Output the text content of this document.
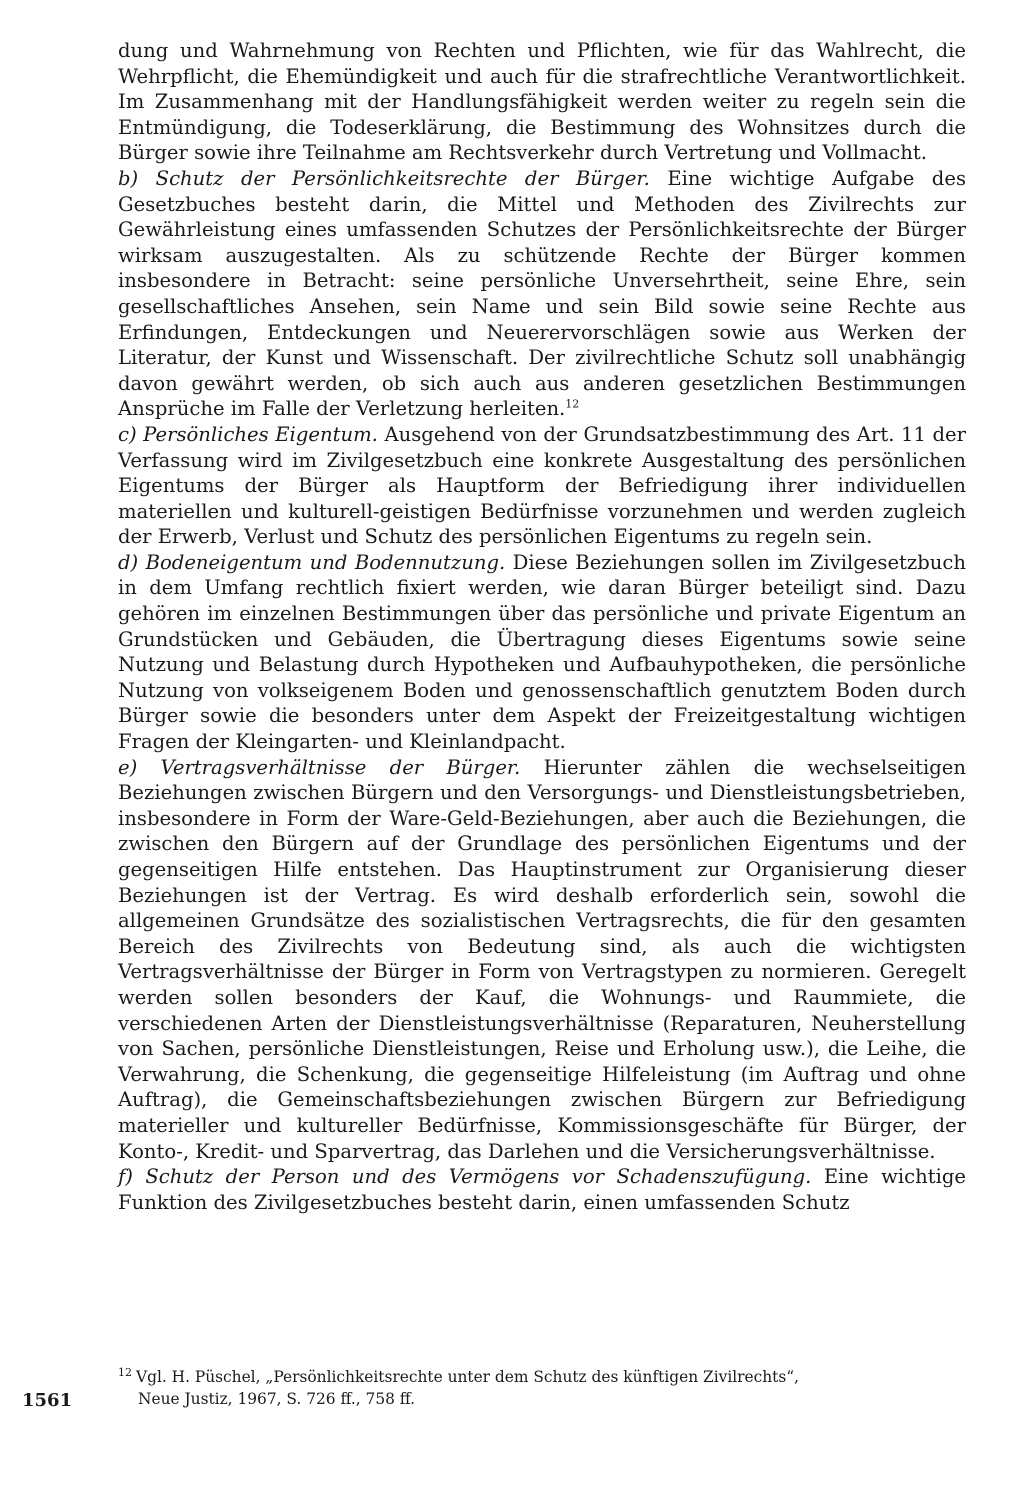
dung und Wahrnehmung von Rechten und Pflichten, wie für das Wahlrecht, die Wehrpflicht, die Ehemündigkeit und auch für die strafrechtliche Verantwortlichkeit. Im Zusammenhang mit der Handlungsfähigkeit werden weiter zu regeln sein die Entmündigung, die Todeserklärung, die Bestimmung des Wohnsitzes durch die Bürger sowie ihre Teilnahme am Rechtsverkehr durch Vertretung und Vollmacht.

b) Schutz der Persönlichkeitsrechte der Bürger. Eine wichtige Aufgabe des Gesetzbuches besteht darin, die Mittel und Methoden des Zivilrechts zur Gewährleistung eines umfassenden Schutzes der Persönlichkeitsrechte der Bürger wirksam auszugestalten. Als zu schützende Rechte der Bürger kommen insbesondere in Betracht: seine persönliche Unversehrtheit, seine Ehre, sein gesellschaftliches Ansehen, sein Name und sein Bild sowie seine Rechte aus Erfindungen, Entdeckungen und Neuerervorschlägen sowie aus Werken der Literatur, der Kunst und Wissenschaft. Der zivilrechtliche Schutz soll unabhängig davon gewährt werden, ob sich auch aus anderen gesetzlichen Bestimmungen Ansprüche im Falle der Verletzung herleiten.$^{12}$

c) Persönliches Eigentum. Ausgehend von der Grundsatzbestimmung des Art. 11 der Verfassung wird im Zivilgesetzbuch eine konkrete Ausgestaltung des persönlichen Eigentums der Bürger als Hauptform der Befriedigung ihrer individuellen materiellen und kulturell-geistigen Bedürfnisse vorzunehmen und werden zugleich der Erwerb, Verlust und Schutz des persönlichen Eigentums zu regeln sein.

d) Bodeneigentum und Bodennutzung. Diese Beziehungen sollen im Zivilgesetzbuch in dem Umfang rechtlich fixiert werden, wie daran Bürger beteiligt sind. Dazu gehören im einzelnen Bestimmungen über das persönliche und private Eigentum an Grundstücken und Gebäuden, die Übertragung dieses Eigentums sowie seine Nutzung und Belastung durch Hypotheken und Aufbauhypotheken, die persönliche Nutzung von volkseigenem Boden und genossenschaftlich genutztem Boden durch Bürger sowie die besonders unter dem Aspekt der Freizeitgestaltung wichtigen Fragen der Kleingarten- und Kleinlandpacht.

e) Vertragsverhältnisse der Bürger. Hierunter zählen die wechselseitigen Beziehungen zwischen Bürgern und den Versorgungs- und Dienstleistungsbetrieben, insbesondere in Form der Ware-Geld-Beziehungen, aber auch die Beziehungen, die zwischen den Bürgern auf der Grundlage des persönlichen Eigentums und der gegenseitigen Hilfe entstehen. Das Hauptinstrument zur Organisierung dieser Beziehungen ist der Vertrag. Es wird deshalb erforderlich sein, sowohl die allgemeinen Grundsätze des sozialistischen Vertragsrechts, die für den gesamten Bereich des Zivilrechts von Bedeutung sind, als auch die wichtigsten Vertragsverhältnisse der Bürger in Form von Vertragstypen zu normieren. Geregelt werden sollen besonders der Kauf, die Wohnungs- und Raummiete, die verschiedenen Arten der Dienstleistungsverhältnisse (Reparaturen, Neuherstellung von Sachen, persönliche Dienstleistungen, Reise und Erholung usw.), die Leihe, die Verwahrung, die Schenkung, die gegenseitige Hilfeleistung (im Auftrag und ohne Auftrag), die Gemeinschaftsbeziehungen zwischen Bürgern zur Befriedigung materieller und kultureller Bedürfnisse, Kommissionsgeschäfte für Bürger, der Konto-, Kredit- und Sparvertrag, das Darlehen und die Versicherungsverhältnisse.

f) Schutz der Person und des Vermögens vor Schadenszufügung. Eine wichtige Funktion des Zivilgesetzbuches besteht darin, einen umfassenden Schutz

$^{12}$ Vgl. H. Püschel, „Persönlichkeitsrechte unter dem Schutz des künftigen Zivilrechts“,
Neue Justiz, 1967, S. 726 ff., 758 ff.

1561
